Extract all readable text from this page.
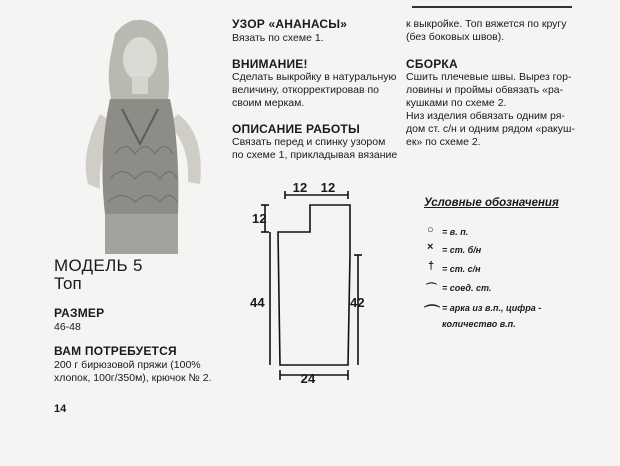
МОДЕЛЬ 5
Топ
РАЗМЕР
46-48
ВАМ ПОТРЕБУЕТСЯ
200 г бирюзовой пряжи (100%
хлопок, 100г/350м), крючок № 2.
УЗОР «АНАНАСЫ»
Вязать по схеме 1.
ВНИМАНИЕ!
Сделать выкройку в натуральную
величину, откорректировав по
своим меркам.
ОПИСАНИЕ РАБОТЫ
Связать перед и спинку узором
по схеме 1, прикладывая вязание
к выкройке. Топ вяжется по кругу
(без боковых швов).
СБОРКА
Сшить плечевые швы. Вырез гор-
ловины и проймы обвязать «ра-
кушками по схеме 2.
Низ изделия обвязать одним ря-
дом ст. с/н и одним рядом «ракуш-
ек» по схеме 2.
12 12
12
44	42
24
Условные обозначения
○ = в. п.
× = ст. б/н
† = ст. с/н
⌒ = соед. ст.
⌒ = арка из в.п., цифра -
количество в.п.
14
